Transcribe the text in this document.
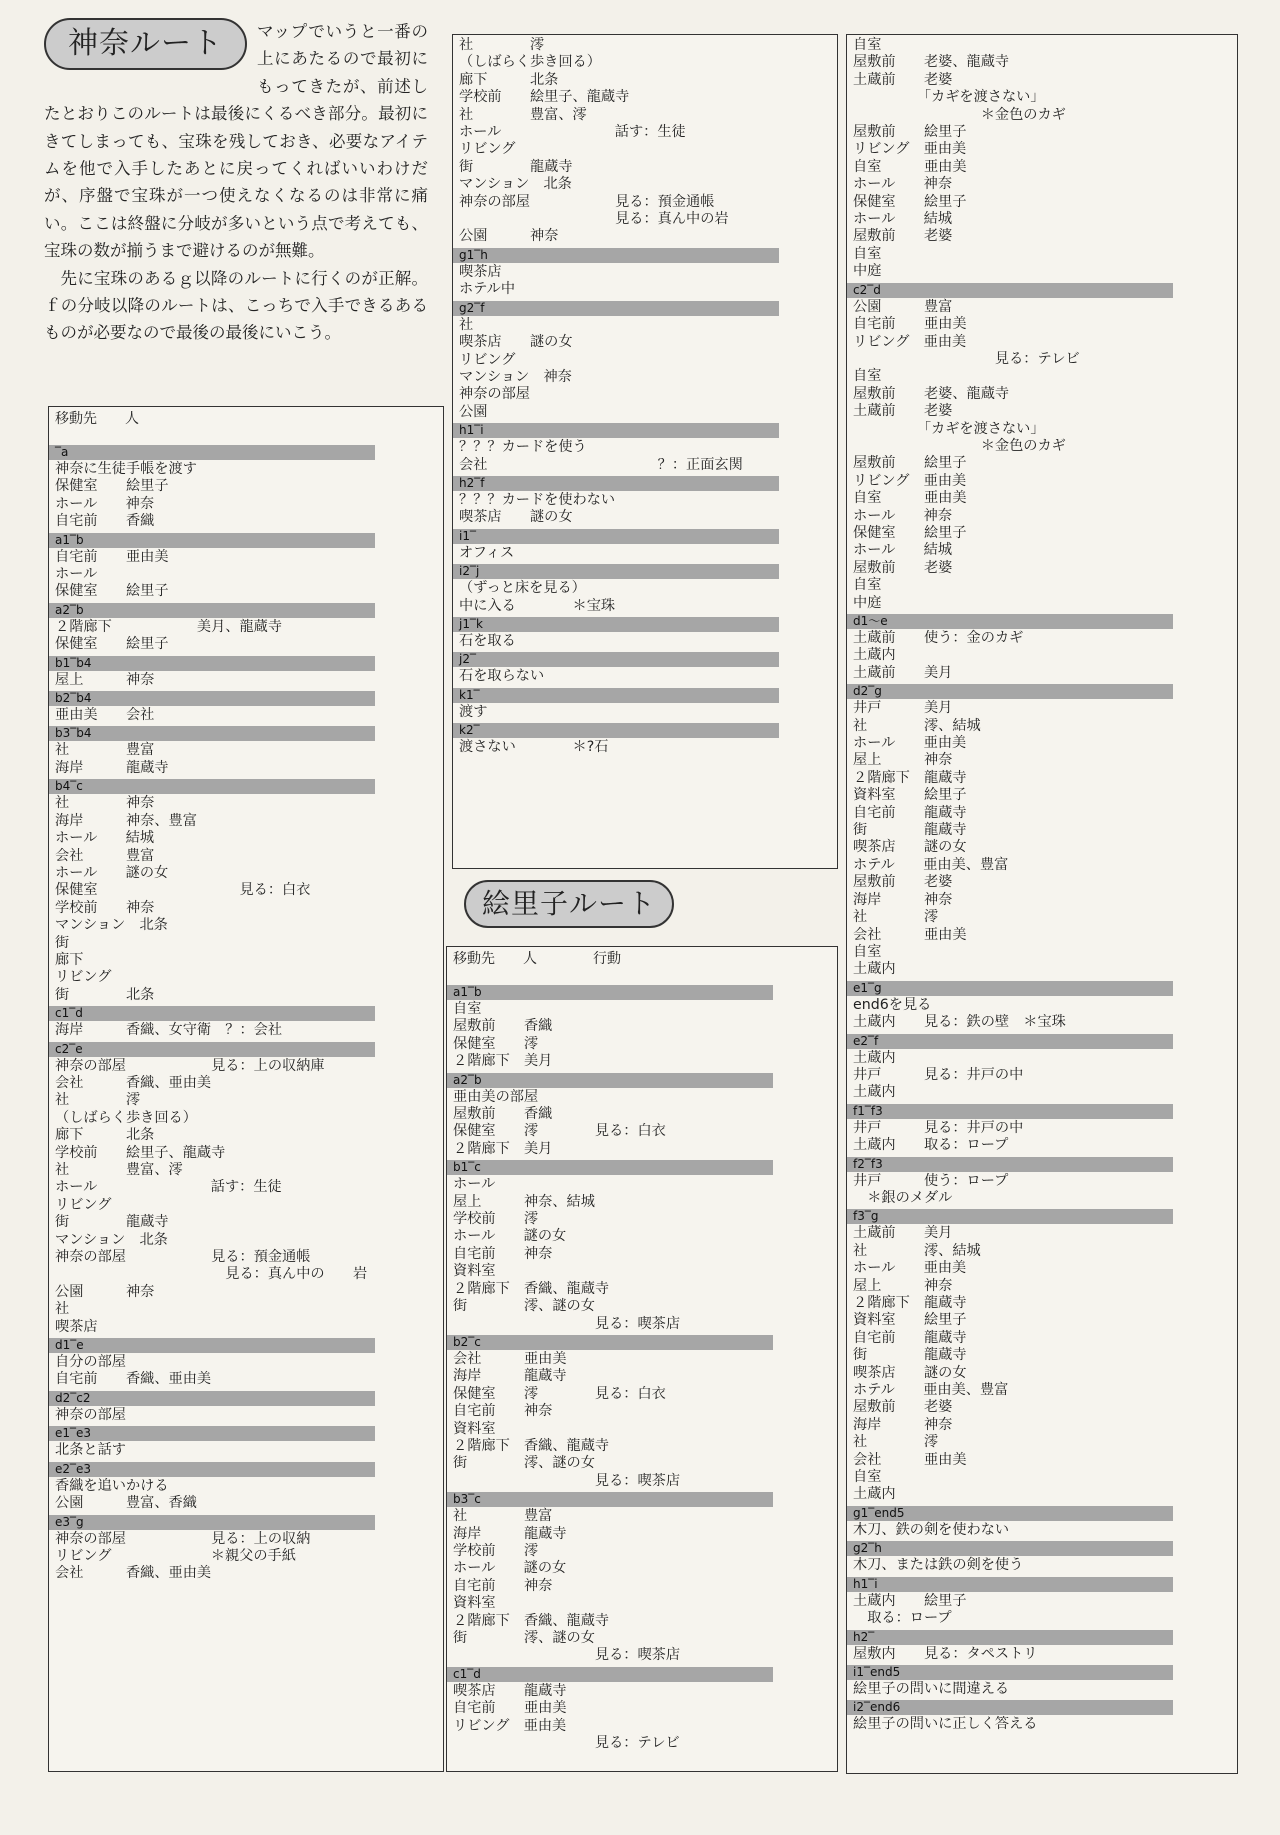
神奈ルート	マップでいうと一番の上にあたるので最初にもってきたが、前述したとおりこのルートは最後にくるべき部分。最初にきてしまっても、宝珠を残しておき、必要なアイテムを他で入手したあとに戻ってくればいいわけだが、序盤で宝珠が一つ使えなくなるのは非常に痛い。ここは終盤に分岐が多いという点で考えても、宝珠の数が揃うまで避けるのが無難。

先に宝珠のあるｇ以降のルートに行くのが正解。ｆの分岐以降のルートは、こっちで入手できるあるものが必要なので最後の最後にいこう。

移動先　　人
‾a
神奈に生徒手帳を渡す
保健室　　絵里子
ホール　　神奈
自宅前　　香織
a1‾b
自宅前　　亜由美
ホール
保健室　　絵里子
a2‾b
２階廊下　　　　　　美月、龍蔵寺
保健室　　絵里子
b1‾b4
屋上　　　神奈
b2‾b4
亜由美　　会社
b3‾b4
社　　　　豊富
海岸　　　龍蔵寺
b4‾c
社　　　　神奈
海岸　　　神奈、豊富
ホール　　結城
会社　　　豊富
ホール　　謎の女
保健室　　　　　　　　　　見る：白衣
学校前　　神奈
マンション　北条
街
廊下
リビング
街　　　　北条
c1‾d
海岸　　　香織、女守衛　？：会社
c2‾e
神奈の部屋　　　　　　見る：上の収納庫
会社　　　香織、亜由美
社　　　　澪
（しばらく歩き回る）
廊下　　　北条
学校前　　絵里子、龍蔵寺
社　　　　豊富、澪
ホール　　　　　　　　話す：生徒
リビング
街　　　　龍蔵寺
マンション　北条
神奈の部屋　　　　　　見る：預金通帳
　　　　　　　　　　　　見る：真ん中の　　岩
公園　　　神奈
社
喫茶店
d1‾e
自分の部屋
自宅前　　香織、亜由美
d2‾c2
神奈の部屋
e1‾e3
北条と話す
e2‾e3
香織を追いかける
公園　　　豊富、香織
e3‾g
神奈の部屋　　　　　　見る：上の収納
リビング　　　　　　　＊親父の手紙
会社　　　香織、亜由美
社　　　　澪
（しばらく歩き回る）
廊下　　　北条
学校前　　絵里子、龍蔵寺
社　　　　豊富、澪
ホール　　　　　　　　話す：生徒
リビング
街　　　　龍蔵寺
マンション　北条
神奈の部屋　　　　　　見る：預金通帳
　　　　　　　　　　　見る：真ん中の岩
公園　　　神奈
g1‾h
喫茶店
ホテル中
g2‾f
社
喫茶店　　謎の女
リビング
マンション　神奈
神奈の部屋
公園
h1‾i
？？？カードを使う
会社　　　　　　　　　　　　？：正面玄関
h2‾f
？？？カードを使わない
喫茶店　　謎の女
i1‾
オフィス
i2‾j
（ずっと床を見る）
中に入る　　　　＊宝珠
j1‾k
石を取る
j2‾
石を取らない
k1‾
渡す
k2‾
渡さない　　　　＊?石
絵里子ルート
移動先　　人　　　　行動
a1‾b
自室
屋敷前　　香織
保健室　　澪
２階廊下　美月
a2‾b
亜由美の部屋
屋敷前　　香織
保健室　　澪　　　　見る：白衣
２階廊下　美月
b1‾c
ホール
屋上　　　神奈、結城
学校前　　澪
ホール　　謎の女
自宅前　　神奈
資料室
２階廊下　香織、龍蔵寺
街　　　　澪、謎の女
　　　　　　　　　　見る：喫茶店
b2‾c
会社　　　亜由美
海岸　　　龍蔵寺
保健室　　澪　　　　見る：白衣
自宅前　　神奈
資料室
２階廊下　香織、龍蔵寺
街　　　　澪、謎の女
　　　　　　　　　　見る：喫茶店
b3‾c
社　　　　豊富
海岸　　　龍蔵寺
学校前　　澪
ホール　　謎の女
自宅前　　神奈
資料室
２階廊下　香織、龍蔵寺
街　　　　澪、謎の女
　　　　　　　　　　見る：喫茶店
c1‾d
喫茶店　　龍蔵寺
自宅前　　亜由美
リビング　亜由美
　　　　　　　　　　見る：テレビ
自室
屋敷前　　老婆、龍蔵寺
土蔵前　　老婆
　　　　　「カギを渡さない」
　　　　　　　　　＊金色のカギ
屋敷前　　絵里子
リビング　亜由美
自室　　　亜由美
ホール　　神奈
保健室　　絵里子
ホール　　結城
屋敷前　　老婆
自室
中庭
c2‾d
公園　　　豊富
自宅前　　亜由美
リビング　亜由美
　　　　　　　　　　見る：テレビ
自室
屋敷前　　老婆、龍蔵寺
土蔵前　　老婆
　　　　　「カギを渡さない」
　　　　　　　　　＊金色のカギ
屋敷前　　絵里子
リビング　亜由美
自室　　　亜由美
ホール　　神奈
保健室　　絵里子
ホール　　結城
屋敷前　　老婆
自室
中庭
d1～e
土蔵前　　使う：金のカギ
土蔵内
土蔵前　　美月
d2‾g
井戸　　　美月
社　　　　澪、結城
ホール　　亜由美
屋上　　　神奈
２階廊下　龍蔵寺
資料室　　絵里子
自宅前　　龍蔵寺
街　　　　龍蔵寺
喫茶店　　謎の女
ホテル　　亜由美、豊富
屋敷前　　老婆
海岸　　　神奈
社　　　　澪
会社　　　亜由美
自室
土蔵内
e1‾g
end6を見る
土蔵内　　見る：鉄の壁　＊宝珠
e2‾f
土蔵内
井戸　　　見る：井戸の中
土蔵内
f1‾f3
井戸　　　見る：井戸の中
土蔵内　　取る：ロープ
f2‾f3
井戸　　　使う：ロープ
　＊銀のメダル
f3‾g
土蔵前　　美月
社　　　　澪、結城
ホール　　亜由美
屋上　　　神奈
２階廊下　龍蔵寺
資料室　　絵里子
自宅前　　龍蔵寺
街　　　　龍蔵寺
喫茶店　　謎の女
ホテル　　亜由美、豊富
屋敷前　　老婆
海岸　　　神奈
社　　　　澪
会社　　　亜由美
自室
土蔵内
g1‾end5
木刀、鉄の剣を使わない
g2‾h
木刀、または鉄の剣を使う
h1‾i
土蔵内　　絵里子
　取る：ロープ
h2‾
屋敷内　　見る：タペストリ
i1‾end5
絵里子の問いに間違える
i2‾end6
絵里子の問いに正しく答える
